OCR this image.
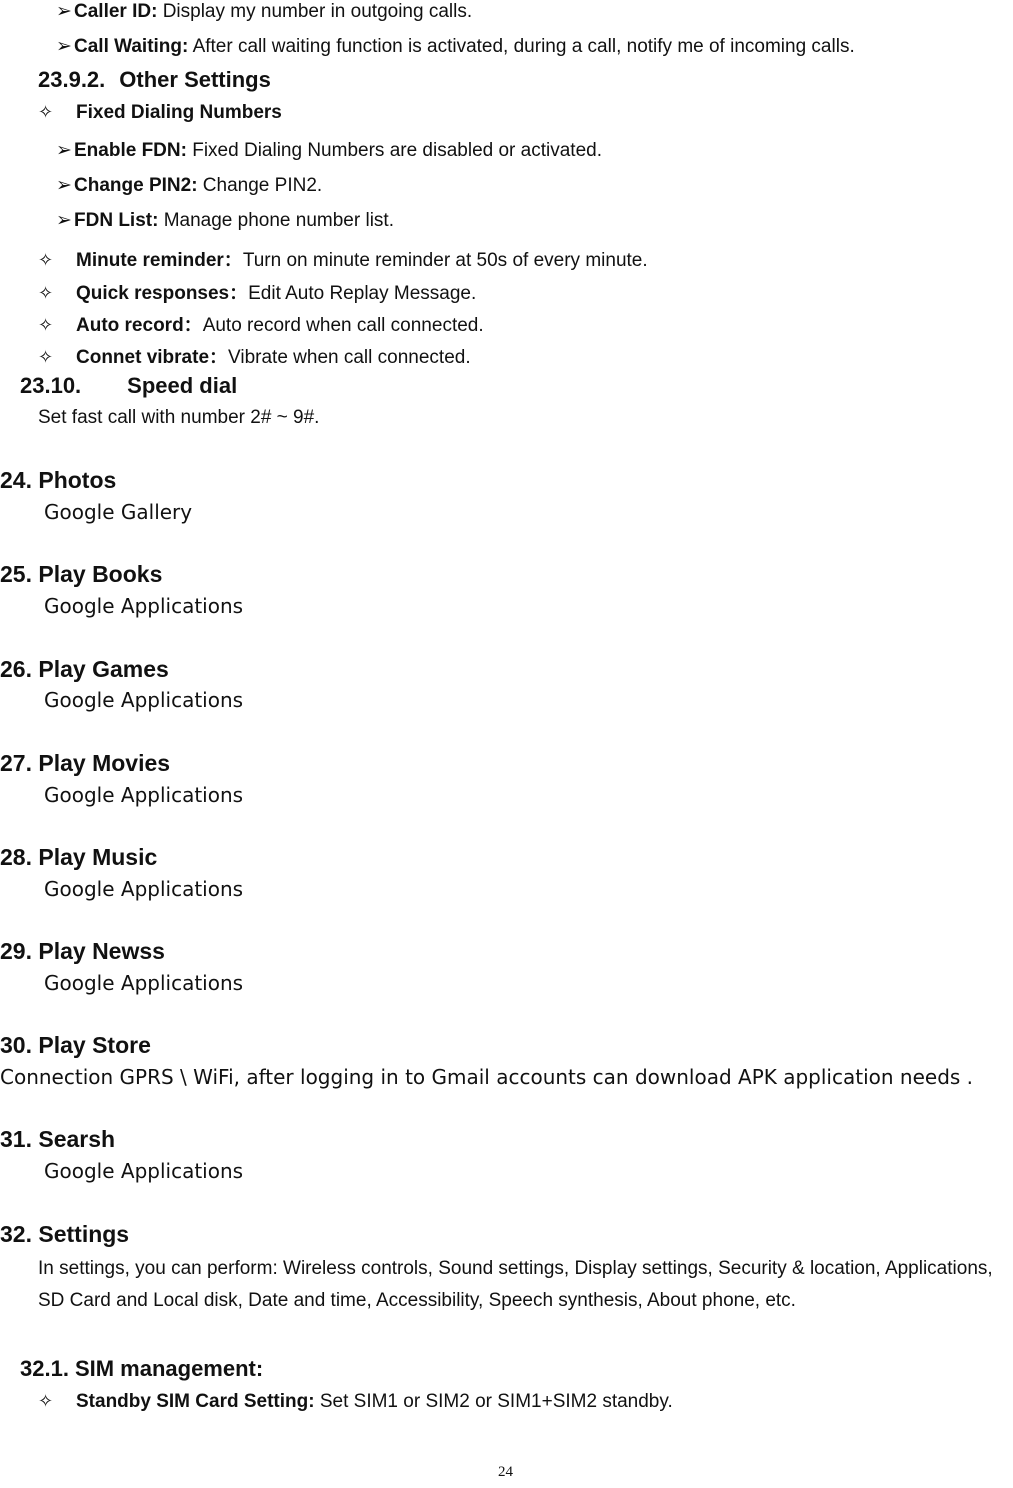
➢ Caller ID: Display my number in outgoing calls.
➢ Call Waiting: After call waiting function is activated, during a call, notify me of incoming calls.
23.9.2. Other Settings
✧ Fixed Dialing Numbers
➢ Enable FDN: Fixed Dialing Numbers are disabled or activated.
➢ Change PIN2: Change PIN2.
➢ FDN List: Manage phone number list.
✧ Minute reminder：Turn on minute reminder at 50s of every minute.
✧ Quick responses：Edit Auto Replay Message.
✧ Auto record：Auto record when call connected.
✧ Connet vibrate：Vibrate when call connected.
23.10. Speed dial
Set fast call with number 2# ~ 9#.
24. Photos
Google Gallery
25. Play Books
Google Applications
26. Play Games
Google Applications
27. Play Movies
Google Applications
28. Play Music
Google Applications
29. Play Newss
Google Applications
30. Play Store
Connection GPRS \ WiFi, after logging in to Gmail accounts can download APK application needs .
31. Searsh
Google Applications
32. Settings
In settings, you can perform: Wireless controls, Sound settings, Display settings, Security & location, Applications, SD Card and Local disk, Date and time, Accessibility, Speech synthesis, About phone, etc.
32.1. SIM management:
✧ Standby SIM Card Setting: Set SIM1 or SIM2 or SIM1+SIM2 standby.
24
